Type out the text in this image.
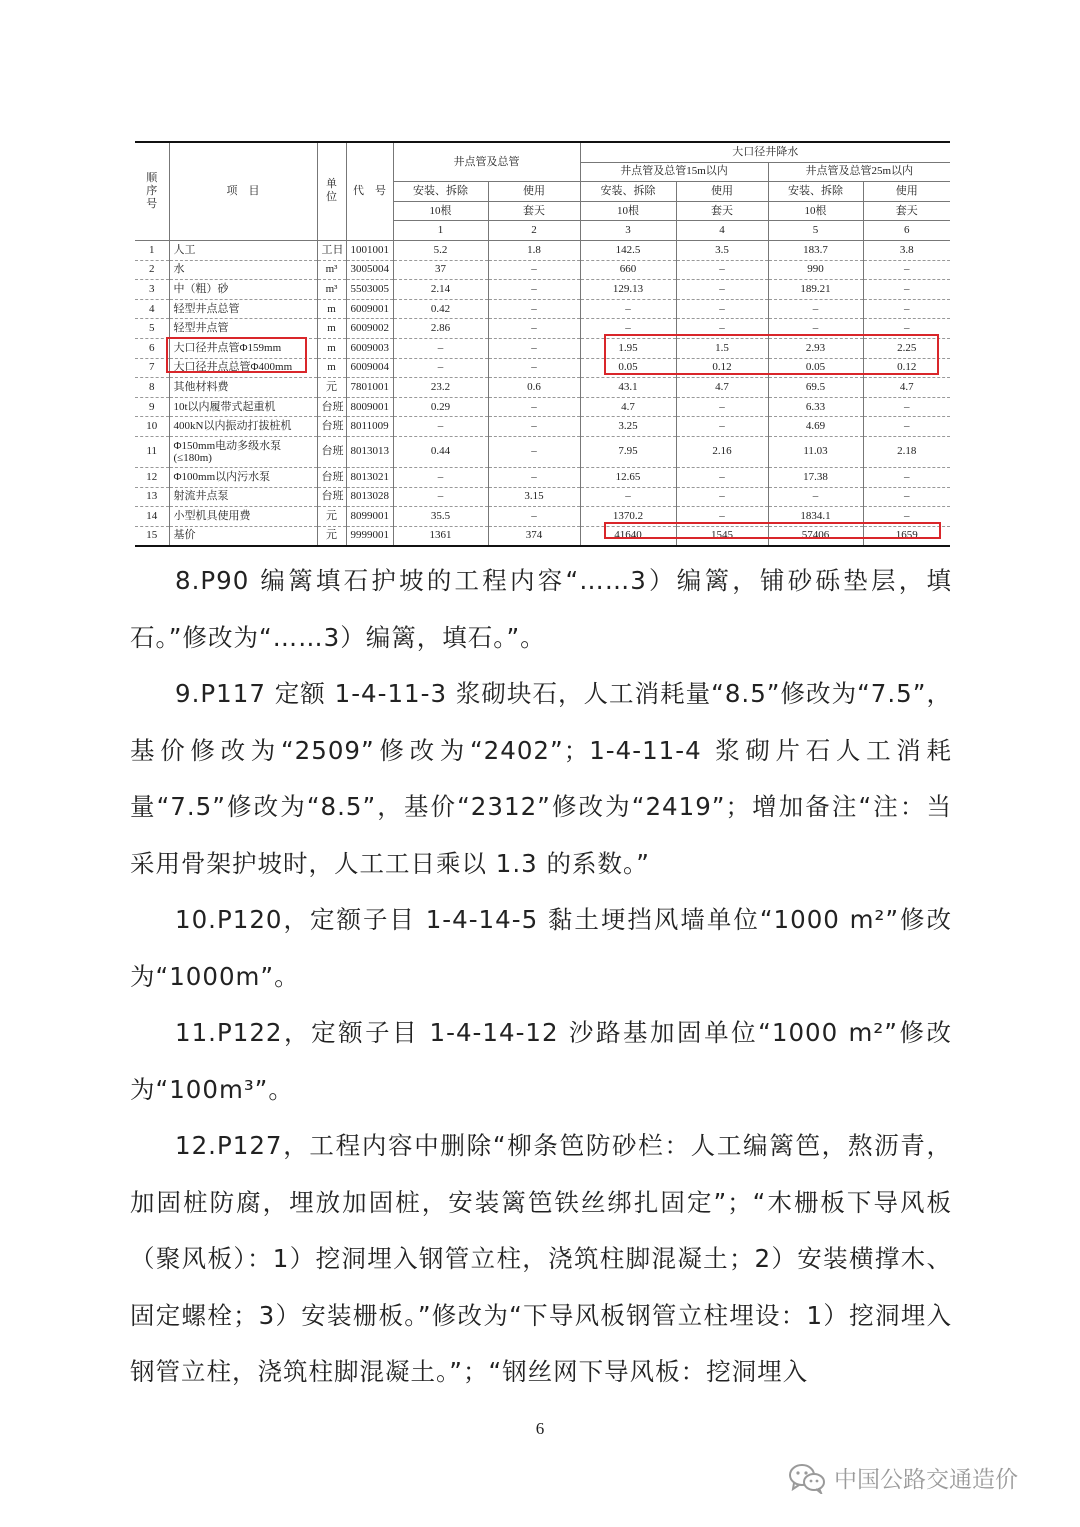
顺序号	项    目	单位	代    号	井点管及总管		大口径井降水			
						井点管及总管15m以内		井点管及总管25m以内	
				安装、拆除	使用	安装、拆除	使用	安装、拆除	使用
				10根	套天	10根	套天	10根	套天
				1	2	3	4	5	6
1	人工	工日	1001001	5.2	1.8	142.5	3.5	183.7	3.8
2	水	m³	3005004	37	–	660	–	990	–
3	中（粗）砂	m³	5503005	2.14	–	129.13	–	189.21	–
4	轻型井点总管	m	6009001	0.42	–	–	–	–	–
5	轻型井点管	m	6009002	2.86	–	–	–	–	–
6	大口径井点管Φ159mm	m	6009003	–	–	1.95	1.5	2.93	2.25
7	大口径井点总管Φ400mm	m	6009004	–	–	0.05	0.12	0.05	0.12
8	其他材料费	元	7801001	23.2	0.6	43.1	4.7	69.5	4.7
9	10t以内履带式起重机	台班	8009001	0.29	–	4.7	–	6.33	–
10	400kN以内振动打拔桩机	台班	8011009	–	–	3.25	–	4.69	–
11	Φ150mm电动多级水泵(≤180m)	台班	8013013	0.44	–	7.95	2.16	11.03	2.18
12	Φ100mm以内污水泵	台班	8013021	–	–	12.65	–	17.38	–
13	射流井点泵	台班	8013028	–	3.15	–	–	–	–
14	小型机具使用费	元	8099001	35.5	–	1370.2	–	1834.1	–
15	基价	元	9999001	1361	374	41640	1545	57406	1659
8.P90 编篱填石护坡的工程内容“……3）编篱，铺砂砾垫层，填石。”修改为“……3）编篱，填石。”。
9.P117 定额 1-4-11-3 浆砌块石，人工消耗量“8.5”修改为“7.5”，基价修改为“2509”修改为“2402”；1-4-11-4 浆砌片石人工消耗量“7.5”修改为“8.5”，基价“2312”修改为“2419”；增加备注“注：当采用骨架护坡时，人工工日乘以 1.3 的系数。”
10.P120，定额子目 1-4-14-5 黏土埂挡风墙单位“1000 m²”修改为“1000m”。
11.P122，定额子目 1-4-14-12 沙路基加固单位“1000 m²”修改为“100m³”。
12.P127，工程内容中删除“柳条笆防砂栏：人工编篱笆，熬沥青，加固桩防腐，埋放加固桩，安装篱笆铁丝绑扎固定”；“木栅板下导风板（聚风板）：1）挖洞埋入钢管立柱，浇筑柱脚混凝土；2）安装横撑木、固定螺栓；3）安装栅板。”修改为“下导风板钢管立柱埋设：1）挖洞埋入钢管立柱，浇筑柱脚混凝土。”；“钢丝网下导风板：挖洞埋入
6
中国公路交通造价
